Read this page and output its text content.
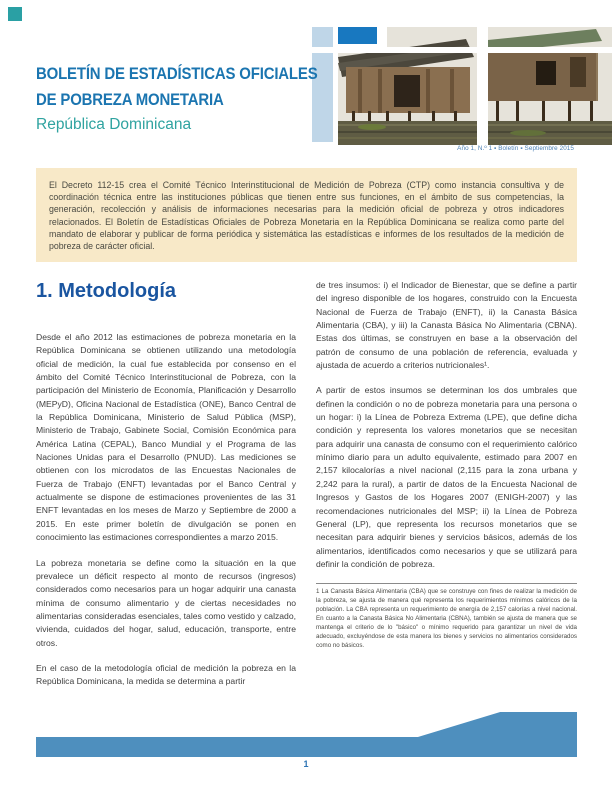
BOLETÍN DE ESTADÍSTICAS OFICIALES

DE POBREZA MONETARIA
República Dominicana
Año 1, N.º 1 ▪ Boletín ▪ Septiembre 2015

El Decreto 112-15 crea el Comité Técnico Interinstitucional de Medición de Pobreza (CTP) como instancia consultiva y de coordinación técnica entre las instituciones públicas que tienen entre sus funciones, en el ámbito de sus competencias, la generación, recolección y análisis de informaciones necesarias para la medición oficial de pobreza y otros indicadores relacionados. El Boletín de Estadísticas Oficiales de Pobreza Monetaria en la República Dominicana se realiza como parte del mandato de elaborar y publicar de forma periódica y sistemática las estadísticas e informes de los resultados de la medición de pobreza de carácter oficial.

1. Metodología

Desde el año 2012 las estimaciones de pobreza monetaria en la República Dominicana se obtienen utilizando una metodología oficial de medición, la cual fue establecida por consenso en el ámbito del Comité Técnico Interinstitucional de Pobreza, con la participación del Ministerio de Economía, Planificación y Desarrollo (MEPyD), Oficina Nacional de Estadística (ONE), Banco Central de la República Dominicana, Ministerio de Salud Pública (MSP), Ministerio de Trabajo, Gabinete Social, Comisión Económica para América Latina (CEPAL), Banco Mundial y el Programa de las Naciones Unidas para el Desarrollo (PNUD). Las mediciones se obtienen con los microdatos de las Encuestas Nacionales de Fuerza de Trabajo (ENFT) levantadas por el Banco Central y actualmente se dispone de estimaciones provenientes de las 31 ENFT levantadas en los meses de Marzo y Septiembre de 2000 a 2015. En este primer boletín de divulgación se ponen en conocimiento las estimaciones correspondientes a marzo 2015.

La pobreza monetaria se define como la situación en la que prevalece un déficit respecto al monto de recursos (ingresos) considerados como necesarios para un hogar adquirir una canasta mínima de consumo alimentario y de ciertas necesidades no alimentarias consideradas esenciales, tales como vestido y calzado, vivienda, cuidados del hogar, salud, educación, transporte, entre otros.

En el caso de la metodología oficial de medición la pobreza en la República Dominicana, la medida se determina a partir

de tres insumos: i) el Indicador de Bienestar, que se define a partir del ingreso disponible de los hogares, construido con la Encuesta Nacional de Fuerza de Trabajo (ENFT), ii) la Canasta Básica Alimentaria (CBA), y iii) la Canasta Básica No Alimentaria (CBNA). Estas dos últimas, se construyen en base a la observación del patrón de consumo de una población de referencia, evaluada y ajustada de acuerdo a criterios nutricionales¹.

A partir de estos insumos se determinan los dos umbrales que definen la condición o no de pobreza monetaria para una persona o un hogar: i) la Línea de Pobreza Extrema (LPE), que define dicha condición y representa los valores monetarios que se necesitan para adquirir una canasta de consumo con el requerimiento calórico mínimo diario para un adulto equivalente, estimado para 2007 en 2,157 kilocalorías a nivel nacional (2,115 para la zona urbana y 2,242 para la rural), a partir de datos de la Encuesta Nacional de Ingresos y Gastos de los Hogares 2007 (ENIGH-2007) y las recomendaciones nutricionales del MSP; ii) la Línea de Pobreza General (LP), que representa los recursos monetarios que se necesitan para adquirir bienes y servicios básicos, además de los alimentarios, identificados como necesarios y que se utilizará para definir la condición de pobreza.

1 La Canasta Básica Alimentaria (CBA) que se construye con fines de realizar la medición de la pobreza, se ajusta de manera qué representa los requerimientos mínimos calóricos de la población. La CBA representa un requerimiento de energía de 2,157 calorías a nivel nacional. En cuanto a la Canasta Básica No Alimentaria (CBNA), también se ajusta de manera que se mantenga el criterio de lo "básico" o mínimo requerido para garantizar un nivel de vida adecuado, excluyéndose de esta manera los bienes y servicios no alimentarios considerados como no básicos.
1
